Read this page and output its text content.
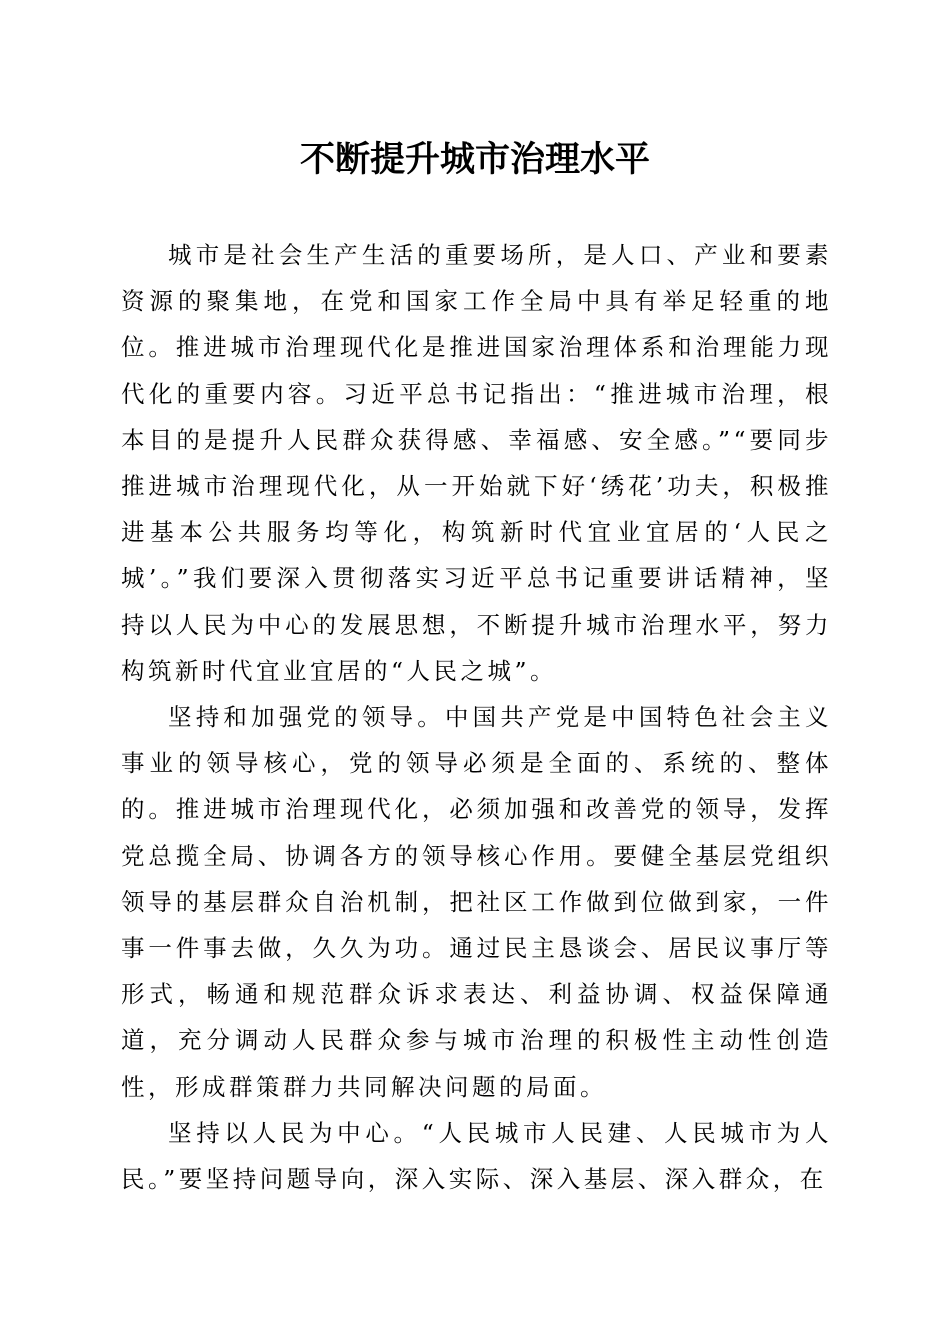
不断提升城市治理水平

城市是社会生产生活的重要场所，是人口、产业和要素资源的聚集地，在党和国家工作全局中具有举足轻重的地位。推进城市治理现代化是推进国家治理体系和治理能力现代化的重要内容。习近平总书记指出：“推进城市治理，根本目的是提升人民群众获得感、幸福感、安全感。”“要同步推进城市治理现代化，从一开始就下好‘绣花’功夫，积极推进基本公共服务均等化，构筑新时代宜业宜居的‘人民之城’。”我们要深入贯彻落实习近平总书记重要讲话精神，坚持以人民为中心的发展思想，不断提升城市治理水平，努力构筑新时代宜业宜居的“人民之城”。

坚持和加强党的领导。中国共产党是中国特色社会主义事业的领导核心，党的领导必须是全面的、系统的、整体的。推进城市治理现代化，必须加强和改善党的领导，发挥党总揽全局、协调各方的领导核心作用。要健全基层党组织领导的基层群众自治机制，把社区工作做到位做到家，一件事一件事去做，久久为功。通过民主恳谈会、居民议事厅等形式，畅通和规范群众诉求表达、利益协调、权益保障通道，充分调动人民群众参与城市治理的积极性主动性创造性，形成群策群力共同解决问题的局面。

坚持以人民为中心。“人民城市人民建、人民城市为人民。”要坚持问题导向，深入实际、深入基层、深入群众，在
